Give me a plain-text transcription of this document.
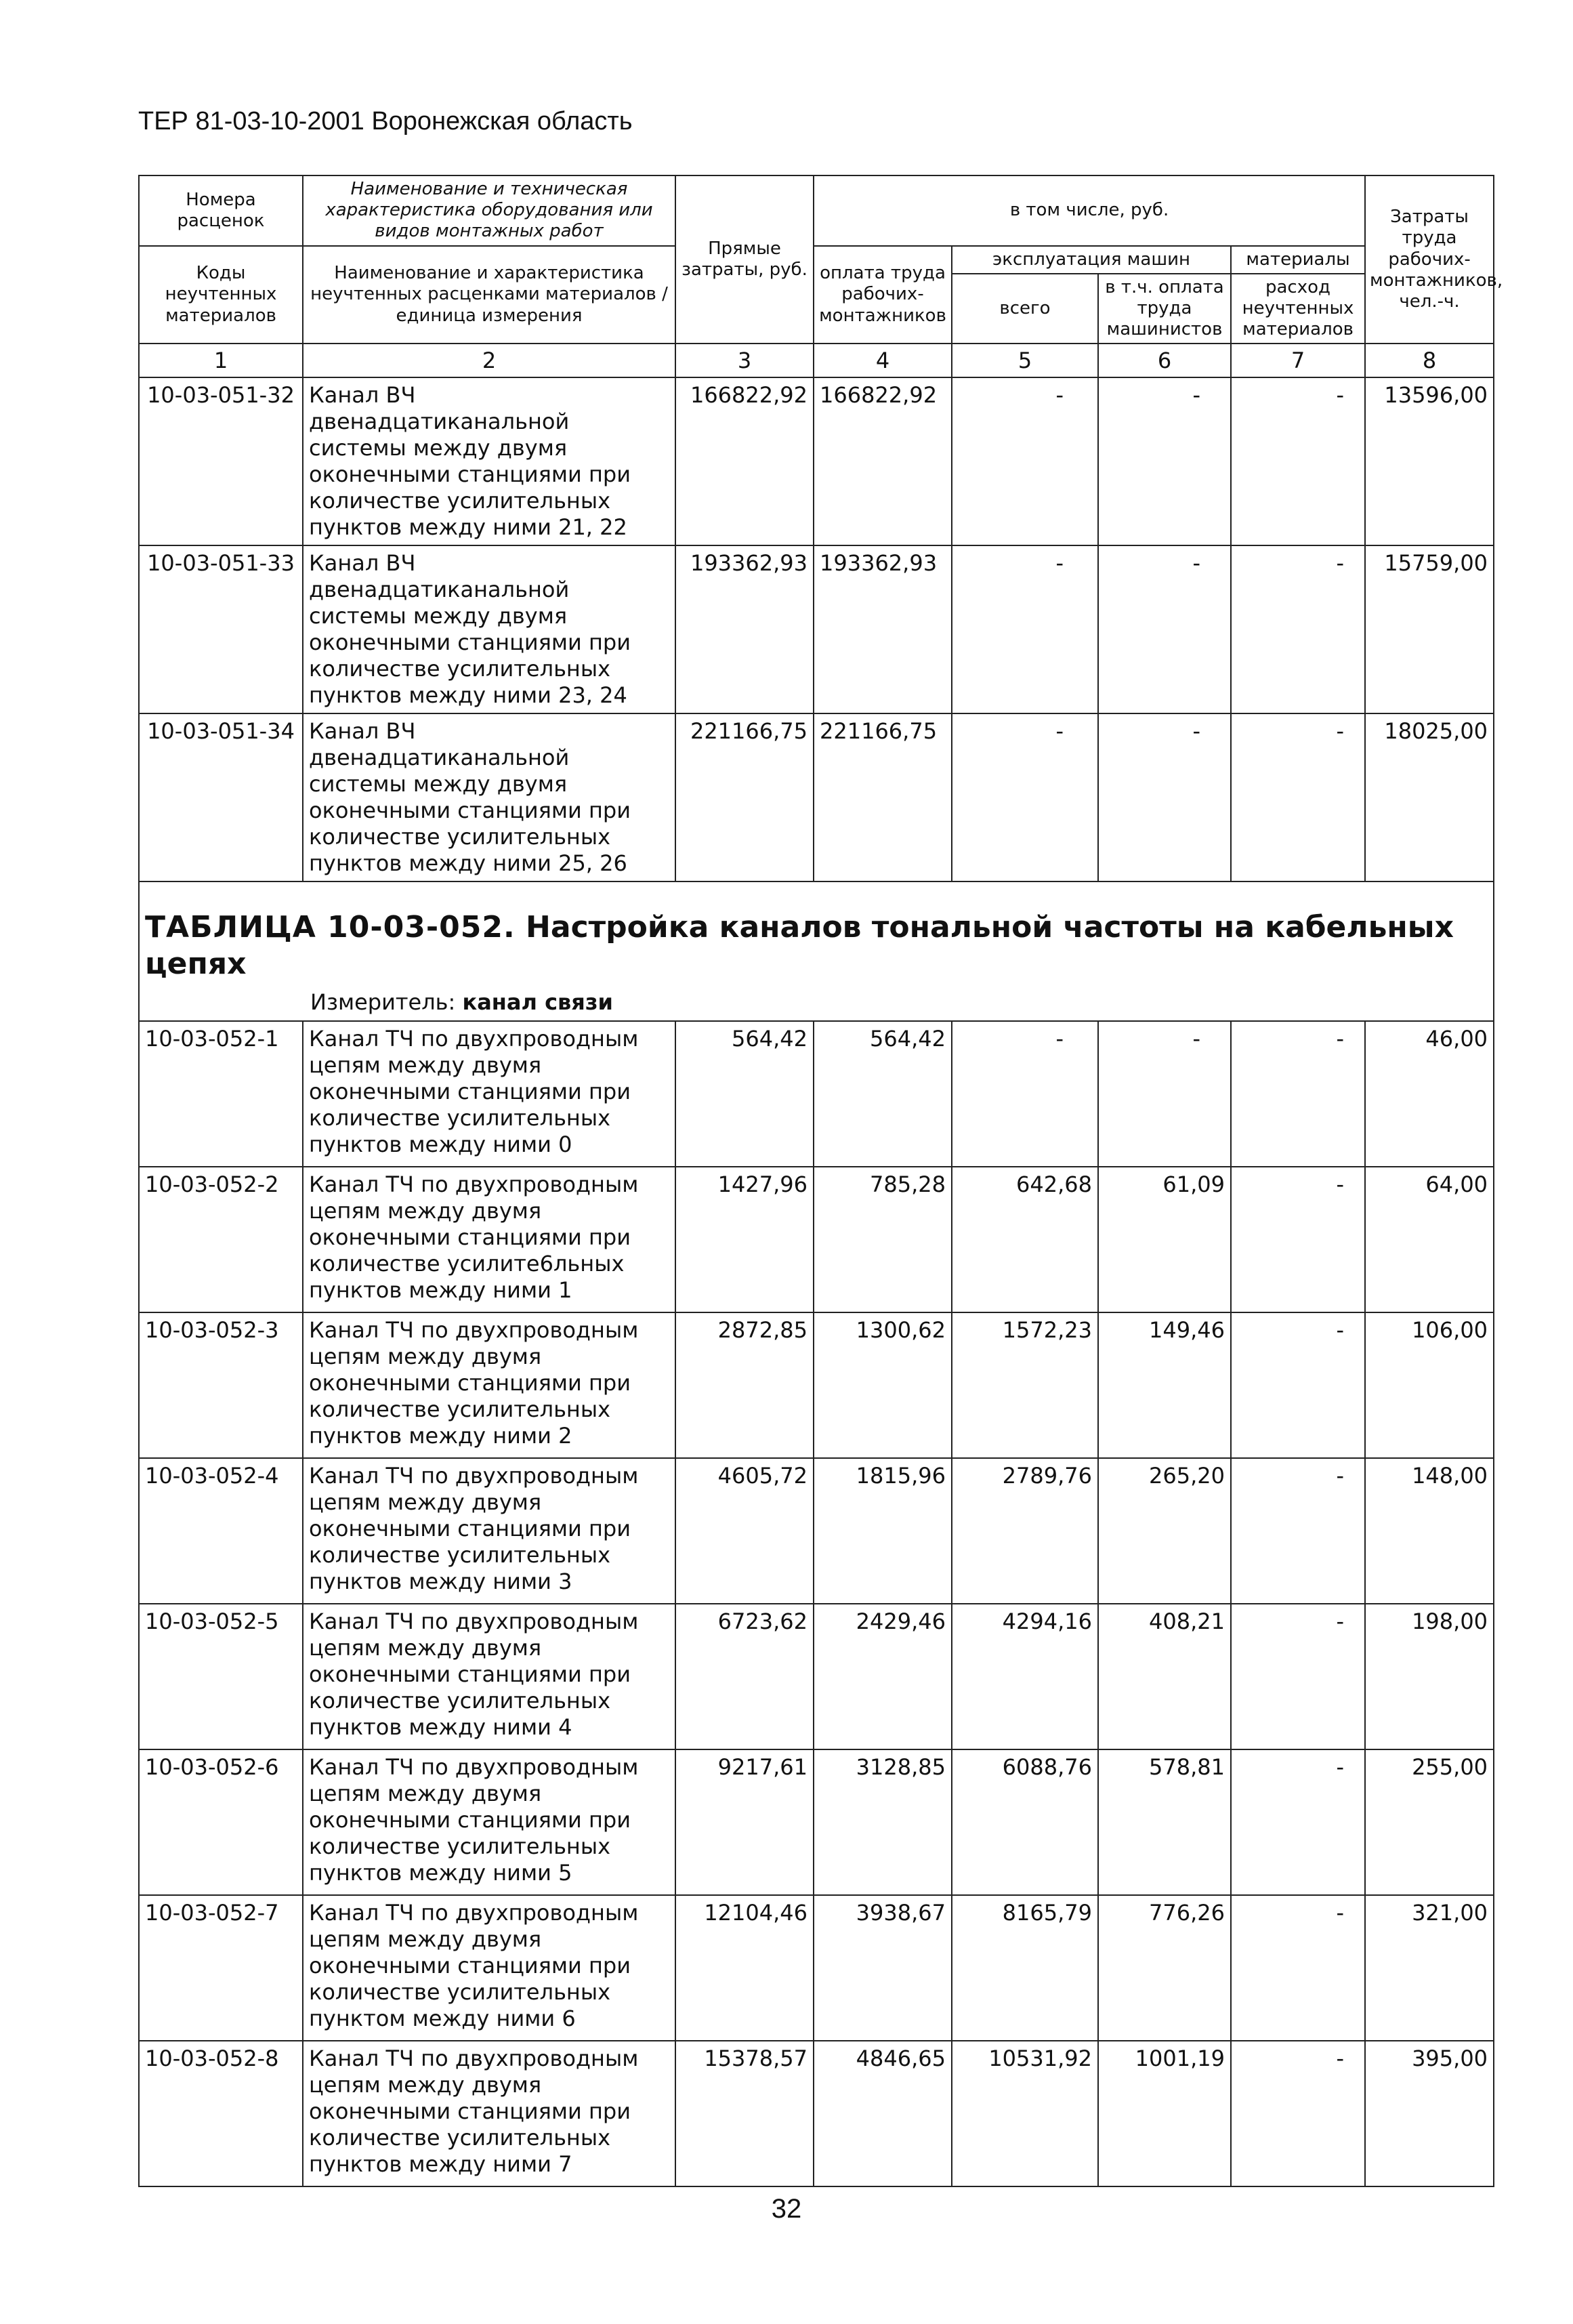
ТЕР 81-03-10-2001 Воронежская область
Номера расценок	Наименование и техническая характеристика оборудования или видов монтажных работ	Прямые затраты, руб.	в том числе, руб.				Затраты труда рабочих-монтажников, чел.-ч.
Коды неучтенных материалов	Наименование и характеристика неучтенных расценками материалов / единица измерения		оплата труда рабочих-монтажников	эксплуатация машин		материалы	
				всего	в т.ч. оплата труда машинистов	расход неучтенных материалов	

1	2	3	4	5	6	7	8
10-03-051-32	Канал ВЧ двенадцатиканальной системы между двумя оконечными станциями при количестве усилительных пунктов между ними 21, 22	166822,92	166822,92	-	-	-	13596,00
10-03-051-33	Канал ВЧ двенадцатиканальной системы между двумя оконечными станциями при количестве усилительных пунктов между ними 23, 24	193362,93	193362,93	-	-	-	15759,00
10-03-051-34	Канал ВЧ двенадцатиканальной системы между двумя оконечными станциями при количестве усилительных пунктов между ними 25, 26	221166,75	221166,75	-	-	-	18025,00
ТАБЛИЦА 10-03-052. Настройка каналов тональной частоты на кабельных цепях							
Измеритель: канал связи							
10-03-052-1	Канал ТЧ по двухпроводным цепям между двумя оконечными станциями при количестве усилительных пунктов между ними 0	564,42	564,42	-	-	-	46,00
10-03-052-2	Канал ТЧ по двухпроводным цепям между двумя оконечными станциями при количестве усилите6льных пунктов между ними 1	1427,96	785,28	642,68	61,09	-	64,00
10-03-052-3	Канал ТЧ по двухпроводным цепям между двумя оконечными станциями при количестве усилительных пунктов между ними 2	2872,85	1300,62	1572,23	149,46	-	106,00
10-03-052-4	Канал ТЧ по двухпроводным цепям между двумя оконечными станциями при количестве усилительных пунктов между ними 3	4605,72	1815,96	2789,76	265,20	-	148,00
10-03-052-5	Канал ТЧ по двухпроводным цепям между двумя оконечными станциями при количестве усилительных пунктов между ними 4	6723,62	2429,46	4294,16	408,21	-	198,00
10-03-052-6	Канал ТЧ по двухпроводным цепям между двумя оконечными станциями при количестве усилительных пунктов между ними 5	9217,61	3128,85	6088,76	578,81	-	255,00
10-03-052-7	Канал ТЧ по двухпроводным цепям между двумя оконечными станциями при количестве усилительных пунктом между ними 6	12104,46	3938,67	8165,79	776,26	-	321,00
10-03-052-8	Канал ТЧ по двухпроводным цепям между двумя оконечными станциями при количестве усилительных пунктов между ними 7	15378,57	4846,65	10531,92	1001,19	-	395,00
32
